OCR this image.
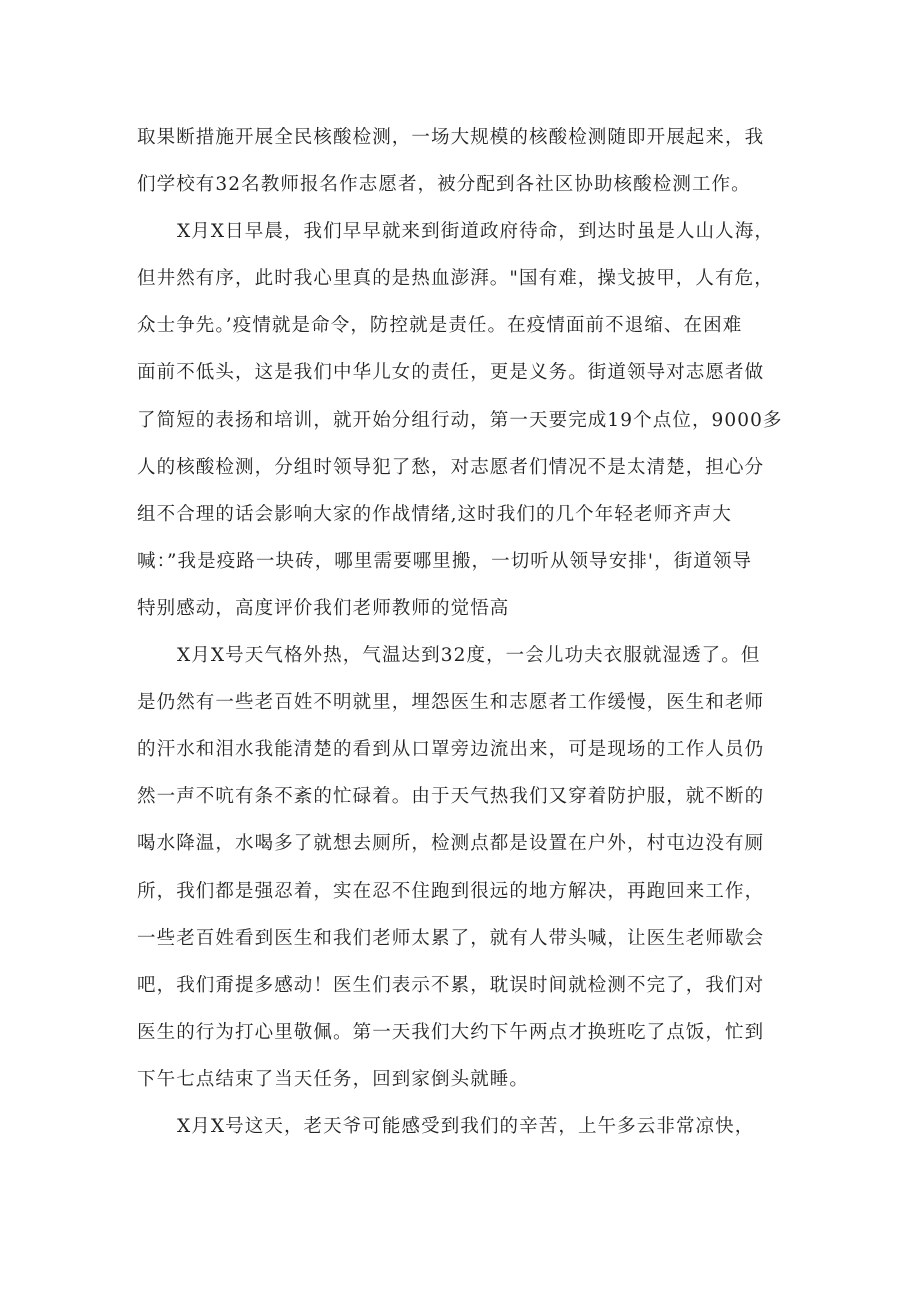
取果断措施开展全民核酸检测，一场大规模的核酸检测随即开展起来，我
们学校有32名教师报名作志愿者，被分配到各社区协助核酸检测工作。
X月X日早晨，我们早早就来到街道政府待命，到达时虽是人山人海，
但井然有序，此时我心里真的是热血澎湃。"国有难，操戈披甲，人有危，
众士争先。’疫情就是命令，防控就是责任。在疫情面前不退缩、在困难
面前不低头，这是我们中华儿女的责任，更是义务。街道领导对志愿者做
了简短的表扬和培训，就开始分组行动，第一天要完成19个点位，9000多
人的核酸检测，分组时领导犯了愁，对志愿者们情况不是太清楚，担心分
组不合理的话会影响大家的作战情绪,这时我们的几个年轻老师齐声大
喊：”我是疫路一块砖，哪里需要哪里搬，一切听从领导安排'，街道领导
特别感动，高度评价我们老师教师的觉悟高
X月X号天气格外热，气温达到32度，一会儿功夫衣服就湿透了。但
是仍然有一些老百姓不明就里，埋怨医生和志愿者工作缓慢，医生和老师
的汗水和泪水我能清楚的看到从口罩旁边流出来，可是现场的工作人员仍
然一声不吭有条不紊的忙碌着。由于天气热我们又穿着防护服，就不断的
喝水降温，水喝多了就想去厕所，检测点都是设置在户外，村屯边没有厕
所，我们都是强忍着，实在忍不住跑到很远的地方解决，再跑回来工作，
一些老百姓看到医生和我们老师太累了，就有人带头喊，让医生老师歇会
吧，我们甭提多感动！医生们表示不累，耽误时间就检测不完了，我们对
医生的行为打心里敬佩。第一天我们大约下午两点才换班吃了点饭，忙到
下午七点结束了当天任务，回到家倒头就睡。
X月X号这天，老天爷可能感受到我们的辛苦，上午多云非常凉快，
